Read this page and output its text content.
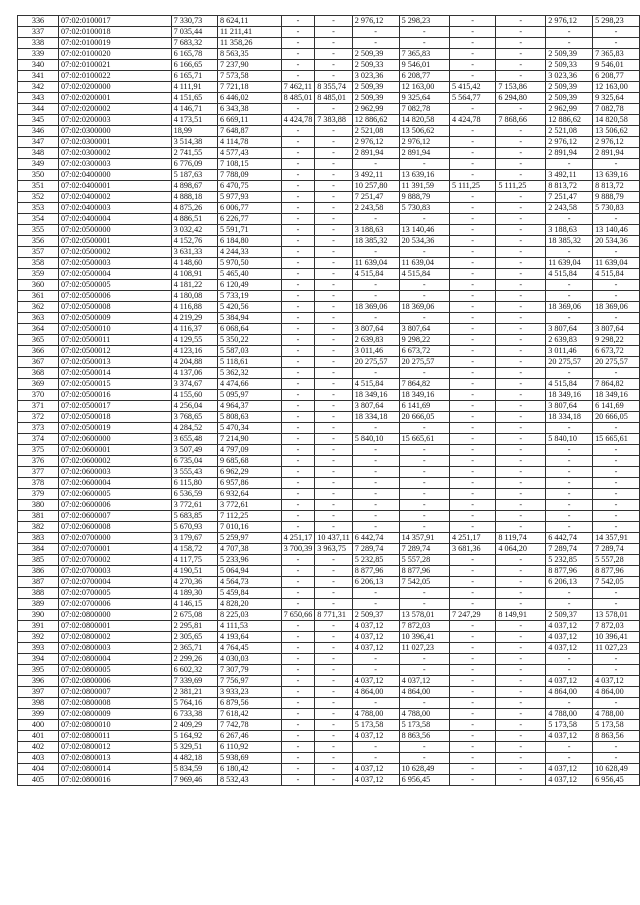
336	07:02:0100017	7 330,73	8 624,11	-	-	2 976,12	5 298,23	-	-	2 976,12	5 298,23
337	07:02:0100018	7 035,44	11 211,41	-	-	-	-	-	-	-	-
338	07:02:0100019	7 683,32	11 358,26	-	-	-	-	-	-	-	-
339	07:02:0100020	6 165,78	8 563,35	-	-	2 509,39	7 365,83	-	-	2 509,39	7 365,83
340	07:02:0100021	6 166,65	7 237,90	-	-	2 509,33	9 546,01	-	-	2 509,33	9 546,01
341	07:02:0100022	6 165,71	7 573,58	-	-	3 023,36	6 208,77	-	-	3 023,36	6 208,77
342	07:02:0200000	4 111,91	7 721,18	7 462,11	8 355,74	2 509,39	12 163,00	5 415,42	7 153,86	2 509,39	12 163,00
343	07:02:0200001	4 151,65	6 446,02	8 485,01	8 485,01	2 509,39	9 325,64	5 564,77	6 294,80	2 509,39	9 325,64
344	07:02:0200002	4 146,71	6 343,38	-	-	2 962,99	7 082,78	-	-	2 962,99	7 082,78
345	07:02:0200003	4 173,51	6 669,11	4 424,78	7 383,88	12 886,62	14 820,58	4 424,78	7 868,66	12 886,62	14 820,58
346	07:02:0300000	18,99	7 648,87	-	-	2 521,08	13 506,62	-	-	2 521,08	13 506,62
347	07:02:0300001	3 514,38	4 114,78	-	-	2 976,12	2 976,12	-	-	2 976,12	2 976,12
348	07:02:0300002	2 741,55	4 577,43	-	-	2 891,94	2 891,94	-	-	2 891,94	2 891,94
349	07:02:0300003	6 776,09	7 108,15	-	-	-	-	-	-	-	-
350	07:02:0400000	5 187,63	7 788,09	-	-	3 492,11	13 639,16	-	-	3 492,11	13 639,16
351	07:02:0400001	4 898,67	6 470,75	-	-	10 257,80	11 391,59	5 111,25	5 111,25	8 813,72	8 813,72
352	07:02:0400002	4 888,18	5 977,93	-	-	7 251,47	9 888,79	-	-	7 251,47	9 888,79
353	07:02:0400003	4 875,26	6 006,77	-	-	2 243,58	5 730,83	-	-	2 243,58	5 730,83
354	07:02:0400004	4 886,51	6 226,77	-	-	-	-	-	-	-	-
355	07:02:0500000	3 032,42	5 591,71	-	-	3 188,63	13 140,46	-	-	3 188,63	13 140,46
356	07:02:0500001	4 152,76	6 184,80	-	-	18 385,32	20 534,36	-	-	18 385,32	20 534,36
357	07:02:0500002	3 631,33	4 244,33	-	-	-	-	-	-	-	-
358	07:02:0500003	4 148,60	5 970,50	-	-	11 639,04	11 639,04	-	-	11 639,04	11 639,04
359	07:02:0500004	4 108,91	5 465,40	-	-	4 515,84	4 515,84	-	-	4 515,84	4 515,84
360	07:02:0500005	4 181,22	6 120,49	-	-	-	-	-	-	-	-
361	07:02:0500006	4 180,08	5 733,19	-	-	-	-	-	-	-	-
362	07:02:0500008	4 116,88	5 420,56	-	-	18 369,06	18 369,06	-	-	18 369,06	18 369,06
363	07:02:0500009	4 219,29	5 384,94	-	-	-	-	-	-	-	-
364	07:02:0500010	4 116,37	6 068,64	-	-	3 807,64	3 807,64	-	-	3 807,64	3 807,64
365	07:02:0500011	4 129,55	5 350,22	-	-	2 639,83	9 298,22	-	-	2 639,83	9 298,22
366	07:02:0500012	4 123,16	5 587,03	-	-	3 011,46	6 673,72	-	-	3 011,46	6 673,72
367	07:02:0500013	4 204,88	5 118,61	-	-	20 275,57	20 275,57	-	-	20 275,57	20 275,57
368	07:02:0500014	4 137,06	5 362,32	-	-	-	-	-	-	-	-
369	07:02:0500015	3 374,67	4 474,66	-	-	4 515,84	7 864,82	-	-	4 515,84	7 864,82
370	07:02:0500016	4 155,60	5 095,97	-	-	18 349,16	18 349,16	-	-	18 349,16	18 349,16
371	07:02:0500017	4 256,04	4 964,37	-	-	3 807,64	6 141,69	-	-	3 807,64	6 141,69
372	07:02:0500018	3 768,65	5 808,63	-	-	18 334,18	20 666,05	-	-	18 334,18	20 666,05
373	07:02:0500019	4 284,52	5 470,34	-	-	-	-	-	-	-	-
374	07:02:0600000	3 655,48	7 214,90	-	-	5 840,10	15 665,61	-	-	5 840,10	15 665,61
375	07:02:0600001	3 507,49	4 797,09	-	-	-	-	-	-	-	-
376	07:02:0600002	6 735,04	9 685,68	-	-	-	-	-	-	-	-
377	07:02:0600003	3 555,43	6 962,29	-	-	-	-	-	-	-	-
378	07:02:0600004	6 115,80	6 957,86	-	-	-	-	-	-	-	-
379	07:02:0600005	6 536,59	6 932,64	-	-	-	-	-	-	-	-
380	07:02:0600006	3 772,61	3 772,61	-	-	-	-	-	-	-	-
381	07:02:0600007	5 683,85	7 112,25	-	-	-	-	-	-	-	-
382	07:02:0600008	5 670,93	7 010,16	-	-	-	-	-	-	-	-
383	07:02:0700000	3 179,67	5 259,97	4 251,17	10 437,11	6 442,74	14 357,91	4 251,17	8 119,74	6 442,74	14 357,91
384	07:02:0700001	4 158,72	4 707,38	3 700,39	3 963,75	7 289,74	7 289,74	3 681,36	4 064,20	7 289,74	7 289,74
385	07:02:0700002	4 117,75	5 233,96	-	-	5 232,85	5 557,28	-	-	5 232,85	5 557,28
386	07:02:0700003	4 190,51	5 064,94	-	-	8 877,96	8 877,96	-	-	8 877,96	8 877,96
387	07:02:0700004	4 270,36	4 564,73	-	-	6 206,13	7 542,05	-	-	6 206,13	7 542,05
388	07:02:0700005	4 189,30	5 459,84	-	-	-	-	-	-	-	-
389	07:02:0700006	4 146,15	4 828,20	-	-	-	-	-	-	-	-
390	07:02:0800000	2 675,08	8 225,03	7 650,66	8 771,31	2 509,37	13 578,01	7 247,29	8 149,91	2 509,37	13 578,01
391	07:02:0800001	2 295,81	4 111,53	-	-	4 037,12	7 872,03	-	-	4 037,12	7 872,03
392	07:02:0800002	2 305,65	4 193,64	-	-	4 037,12	10 396,41	-	-	4 037,12	10 396,41
393	07:02:0800003	2 365,71	4 764,45	-	-	4 037,12	11 027,23	-	-	4 037,12	11 027,23
394	07:02:0800004	2 299,26	4 030,03	-	-	-	-	-	-	-	-
395	07:02:0800005	6 602,32	7 307,79	-	-	-	-	-	-	-	-
396	07:02:0800006	7 339,69	7 756,97	-	-	4 037,12	4 037,12	-	-	4 037,12	4 037,12
397	07:02:0800007	2 381,21	3 933,23	-	-	4 864,00	4 864,00	-	-	4 864,00	4 864,00
398	07:02:0800008	5 764,16	6 879,56	-	-	-	-	-	-	-	-
399	07:02:0800009	6 733,38	7 618,42	-	-	4 788,00	4 788,00	-	-	4 788,00	4 788,00
400	07:02:0800010	2 409,29	7 742,78	-	-	5 173,58	5 173,58	-	-	5 173,58	5 173,58
401	07:02:0800011	5 164,92	6 267,46	-	-	4 037,12	8 863,56	-	-	4 037,12	8 863,56
402	07:02:0800012	5 329,51	6 110,92	-	-	-	-	-	-	-	-
403	07:02:0800013	4 482,18	5 938,69	-	-	-	-	-	-	-	-
404	07:02:0800014	5 834,59	6 180,42	-	-	4 037,12	10 628,49	-	-	4 037,12	10 628,49
405	07:02:0800016	7 969,46	8 532,43	-	-	4 037,12	6 956,45	-	-	4 037,12	6 956,45
